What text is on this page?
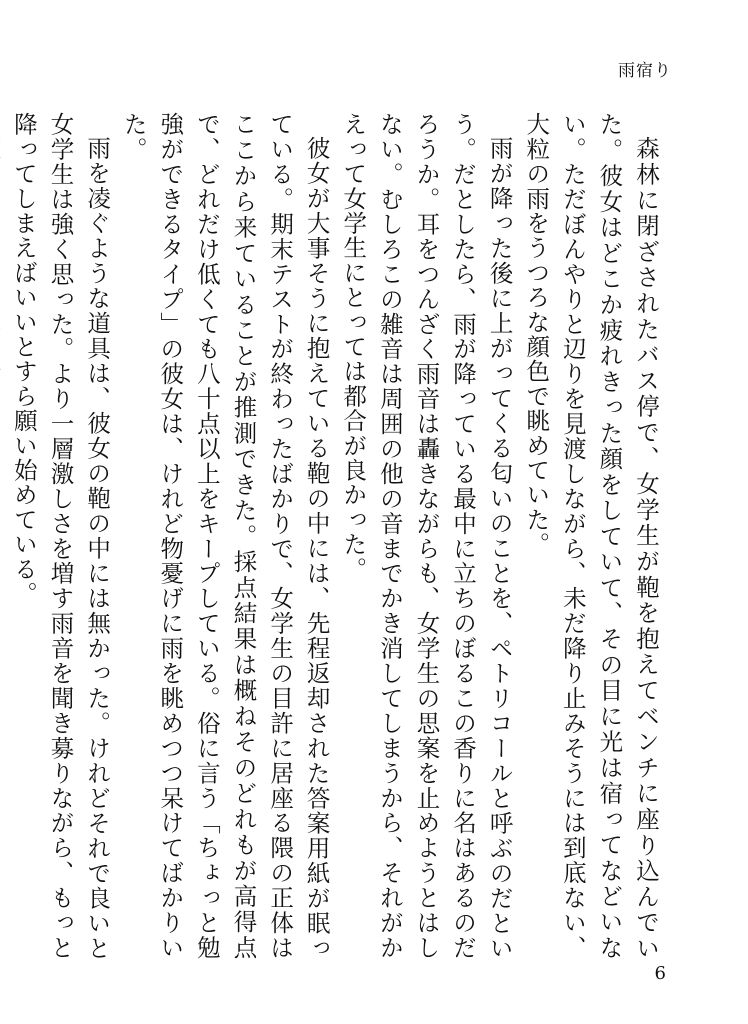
雨宿り

森林に閉ざされたバス停で、女学生が鞄を抱えてベンチに座り込んでいた。彼女はどこか疲れきった顔をしていて、その目に光は宿ってなどいない。ただぼんやりと辺りを見渡しながら、未だ降り止みそうには到底ない、大粒の雨をうつろな顔色で眺めていた。

雨が降った後に上がってくる匂いのことを、ペトリコールと呼ぶのだという。だとしたら、雨が降っている最中に立ちのぼるこの香りに名はあるのだろうか。耳をつんざく雨音は轟きながらも、女学生の思案を止めようとはしない。むしろこの雑音は周囲の他の音までかき消してしまうから、それがかえって女学生にとっては都合が良かった。

彼女が大事そうに抱えている鞄の中には、先程返却された答案用紙が眠っている。期末テストが終わったばかりで、女学生の目許に居座る隈の正体はここから来ていることが推測できた。採点結果は概ねそのどれもが高得点で、どれだけ低くても八十点以上をキープしている。俗に言う「ちょっと勉強ができるタイプ」の彼女は、けれど物憂げに雨を眺めつつ呆けてばかりいた。

雨を凌ぐような道具は、彼女の鞄の中には無かった。けれどそれで良いと女学生は強く思った。より一層激しさを増す雨音を聞き募りながら、もっと降ってしまえばいいとすら願い始めている。

6
